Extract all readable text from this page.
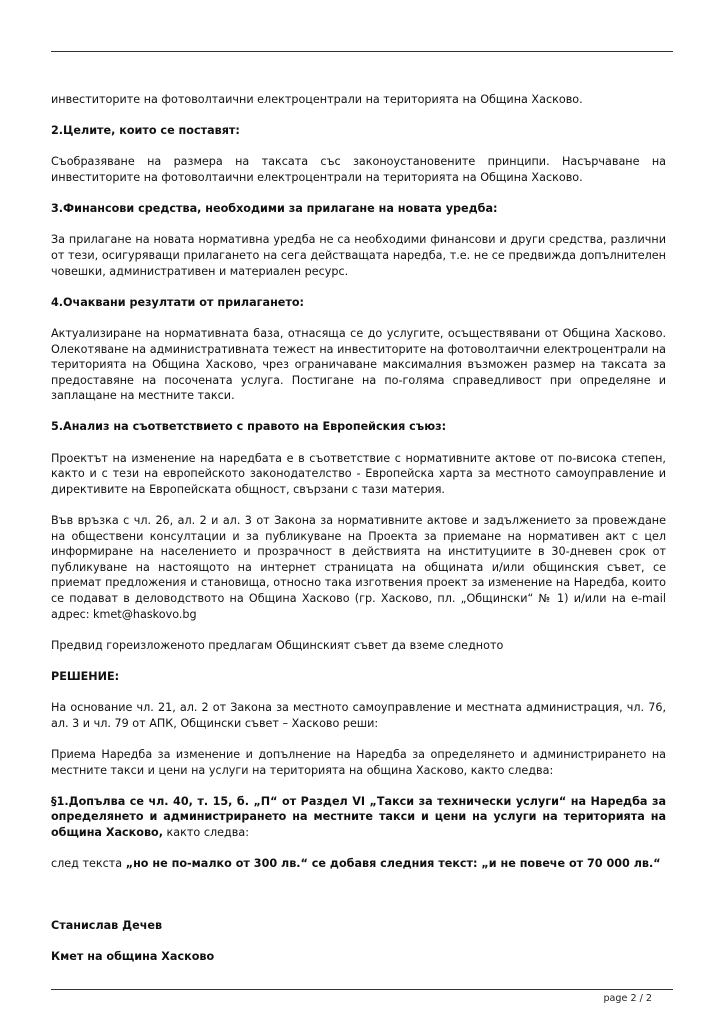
инвеститорите на фотоволтаични електроцентрали на територията на Община Хасково.

2.Целите, които се поставят:

Съобразяване на размера на таксата със законоустановените принципи. Насърчаване на инвеститорите на фотоволтаични електроцентрали на територията на Община Хасково.

3.Финансови средства, необходими за прилагане на новата уредба:

За прилагане на новата нормативна уредба не са необходими финансови и други средства, различни от тези, осигуряващи прилагането на сега действащата наредба, т.е. не се предвижда допълнителен човешки, административен и материален ресурс.

4.Очаквани резултати от прилагането:

Актуализиране на нормативната база, отнасяща се до услугите, осъществявани от Община Хасково. Олекотяване на административната тежест на инвеститорите на фотоволтаични електроцентрали на територията на Община Хасково, чрез ограничаване максималния възможен размер на таксата за предоставяне на посочената услуга. Постигане на по-голяма справедливост при определяне и заплащане на местните такси.

5.Анализ на съответствието с правото на Европейския съюз:

Проектът на изменение на наредбата е в съответствие с нормативните актове от по-висока степен, както и с тези на европейското законодателство - Европейска харта за местното самоуправление и директивите на Европейската общност, свързани с тази материя.

Във връзка с чл. 26, ал. 2 и ал. 3 от Закона за нормативните актове и задължението за провеждане на обществени консултации и за публикуване на Проекта за приемане на нормативен акт с цел информиране на населението и прозрачност в действията на институциите в 30-дневен срок от публикуване на настоящото на интернет страницата на общината и/или общинския съвет, се приемат предложения и становища, относно така изготвения проект за изменение на Наредба, които се подават в деловодството на Община Хасково (гр. Хасково, пл. „Общински“ № 1) и/или на e-mail адрес: kmet@haskovo.bg

Предвид гореизложеното предлагам Общинският съвет да вземе следното

РЕШЕНИЕ:

На основание чл. 21, ал. 2 от Закона за местното самоуправление и местната администрация, чл. 76, ал. 3 и чл. 79 от АПК, Общински съвет – Хасково реши:

Приема Наредба за изменение и допълнение на Наредба за определянето и администрирането на местните такси и цени на услуги на територията на община Хасково, както следва:

§1.Допълва се чл. 40, т. 15, б. „П“ от Раздел VI „Такси за технически услуги“ на Наредба за определянето и администрирането на местните такси и цени на услуги на територията на община Хасково, както следва:

след текста „но не по-малко от 300 лв.“ се добавя следния текст: „и не повече от 70 000 лв.“

Станислав Дечев

Кмет на община Хасково

page 2 / 2
